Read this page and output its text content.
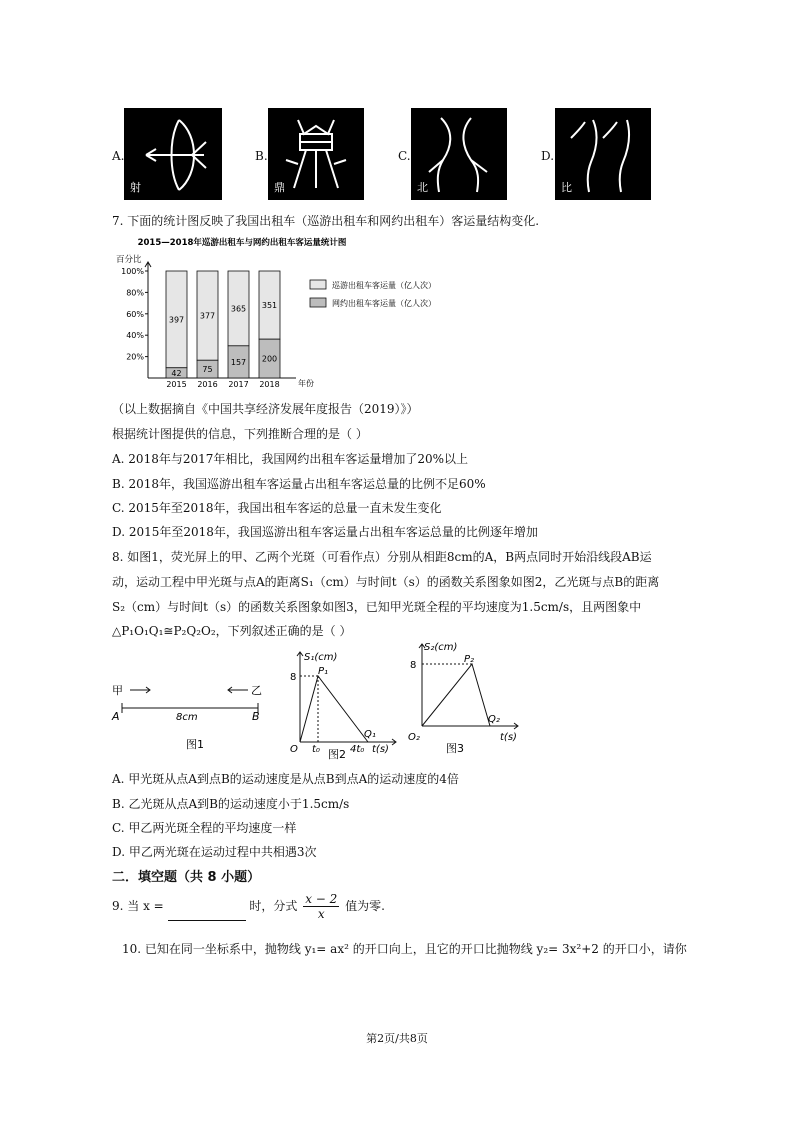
A.
射
B.
鼎
C.
北
D.
比
7. 下面的统计图反映了我国出租车（巡游出租车和网约出租车）客运量结构变化.
2015—2018年巡游出租车与网约出租车客运量统计图
百分比
20%
40%
60%
80%
100%
年份
397
42
2015
377
75
2016
365
157
2017
351
200
2018
巡游出租车客运量（亿人次）
网约出租车客运量（亿人次）
（以上数据摘自《中国共享经济发展年度报告（2019）》）
根据统计图提供的信息，下列推断合理的是（ ）
A. 2018年与2017年相比，我国网约出租车客运量增加了20%以上
B. 2018年，我国巡游出租车客运量占出租车客运总量的比例不足60%
C. 2015年至2018年，我国出租车客运的总量一直未发生变化
D. 2015年至2018年，我国巡游出租车客运量占出租车客运总量的比例逐年增加
8. 如图1，荧光屏上的甲、乙两个光斑（可看作点）分别从相距8cm的A，B两点同时开始沿线段AB运
动，运动工程中甲光斑与点A的距离S₁（cm）与时间t（s）的函数关系图象如图2，乙光斑与点B的距离
S₂（cm）与时间t（s）的函数关系图象如图3，已知甲光斑全程的平均速度为1.5cm/s，且两图象中
△P₁O₁Q₁≅P₂Q₂O₂，下列叙述正确的是（ ）
甲	乙
A	B
8cm
图1
S₁(cm)
8
P₁
Q₁
O t₀	4t₀ t(s)
图2
S₂(cm)
8
P₂
Q₂
O₂	t(s)
图3
A. 甲光斑从点A到点B的运动速度是从点B到点A的运动速度的4倍
B. 乙光斑从点A到B的运动速度小于1.5cm/s
C. 甲乙两光斑全程的平均速度一样
D. 甲乙两光斑在运动过程中共相遇3次
二．填空题（共 8 小题）
9. 当 x =	时，分式 $\frac{x - 2}{x}$ 值为零.
10. 已知在同一坐标系中，抛物线 y₁= ax² 的开口向上，且它的开口比抛物线 y₂= 3x²+2 的开口小，请你
第2页/共8页
